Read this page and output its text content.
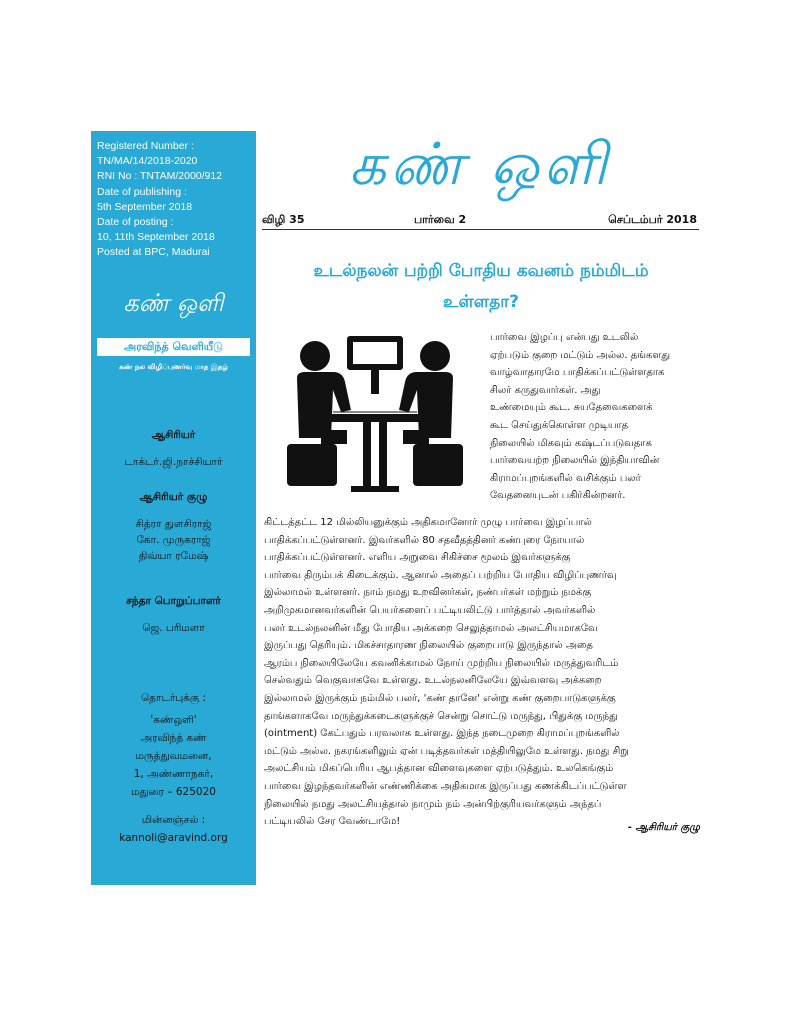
Registered Number :
TN/MA/14/2018-2020
RNI No : TNTAM/2000/912
Date of publishing :
5th September 2018
Date of posting :
10, 11th September 2018
Posted at BPC, Madurai
கண் ஒளி
அரவிந்த் வெளியீடு
கண் நல விழிப்புணர்வு மாத இதழ்
ஆசிரியர்
டாக்டர்.ஜி.நாச்சியார்
ஆசிரியர் குழு
சித்ரா துளசிராஜ்
கோ. முருகராஜ்
திவ்யா ரமேஷ்
சந்தா பொறுப்பாளர்
ஜெ. பரிமளா
தொடர்புக்கு :
'கண்ஒளி'
அரவிந்த் கண்
மருத்துவமனை,
1, அண்ணாநகர்,
மதுரை – 625020
மின்னஞ்சல் :
kannoli@aravind.org
கண் ஒளி
விழி 35	பார்வை 2	செப்டம்பர் 2018
உடல்நலன் பற்றி போதிய கவனம் நம்மிடம்
உள்ளதா?
பார்வை இழப்பு என்பது உடலில்
ஏற்படும் குறை மட்டும் அல்ல. தங்களது
வாழ்வாதாரமே பாதிக்கப்பட்டுள்ளதாக
சிலர் கருதுவார்கள். அது
உண்மையும் கூட. சுயதேவைகளைக்
கூட செய்துக்கொள்ள முடியாத
நிலையில் மிகவும் கஷ்டப்படுவதாக
பார்வையற்ற நிலையில் இந்தியாவின்
கிராமப்புறங்களில் வசிக்கும் பலர்
வேதனையுடன் பகிர்கின்றனர்.
கிட்டத்தட்ட 12 மில்லியனுக்கும் அதிகமானோர் முழு பார்வை இழப்பால்
பாதிக்கப்பட்டுள்ளனர். இவர்களில் 80 சதவீதத்தினர் கண்புரை நோயால்
பாதிக்கப்பட்டுள்ளனர். எளிய அறுவை சிகிச்சை மூலம் இவர்களுக்கு
பார்வை திரும்பக் கிடைக்கும். ஆனால் அதைப் பற்றிய போதிய விழிப்புணர்வு
இல்லாமல் உள்ளனர். நாம் நமது உறவினர்கள், நண்பர்கள் மற்றும் நமக்கு
அறிமுகமானவர்களின் பெயர்களைப் பட்டியலிட்டு பார்த்தால் அவர்களில்
பலர் உடல்நலனின் மீது போதிய அக்கறை செலுத்தாமல் அலட்சியமாகவே
இருப்பது தெரியும். மிகச்சாதாரண நிலையில் குறைபாடு இருந்தால் அதை
ஆரம்ப நிலையிலேயே கவனிக்காமல் நோய் முற்றிய நிலையில் மருத்துவரிடம்
செல்வதும் வெகுவாகவே உள்ளது. உடல்நலனிலேயே இவ்வளவு அக்கறை
இல்லாமல் இருக்கும் நம்மில் பலர், 'கண் தானே' என்று கண் குறைபாடுகளுக்கு
தாங்களாகவே மருந்துக்கடைகளுக்குச் சென்று சொட்டு மருந்து, பிதுக்கு மருந்து
(ointment) கேட்பதும் பரவலாக உள்ளது. இந்த நடைமுறை கிராமப்புறங்களில்
மட்டும் அல்ல. நகரங்களிலும் ஏன் படித்தவர்கள் மத்தியிலுமே உள்ளது. நமது சிறு
அலட்சியம் மிகப்பெரிய ஆபத்தான விளைவுகளை ஏற்படுத்தும். உலகெங்கும்
பார்வை இழந்தவர்களின் எண்ணிக்கை அதிகமாக இருப்பது கணக்கிடப்பட்டுள்ள
நிலையில் நமது அலட்சியத்தால் நாமும் நம் அன்பிற்குரியவர்களும் அந்தப்
பட்டியலில் சேர வேண்டாமே!
- ஆசிரியர் குழு
